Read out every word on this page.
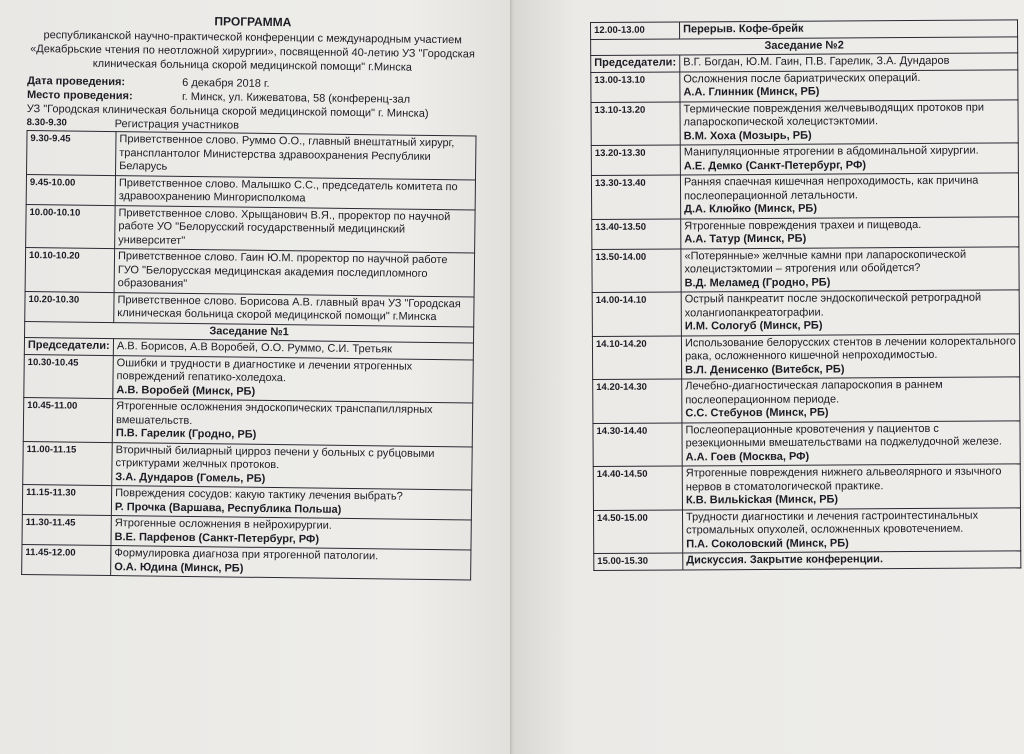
ПРОГРАММА
республиканской научно-практической конференции с международным участием «Декабрьские чтения по неотложной хирургии», посвященной 40-летию УЗ "Городская клиническая больница скорой медицинской помощи" г.Минска
Дата проведения:	6 декабря 2018 г.
Место проведения:	г. Минск, ул. Кижеватова, 58 (конференц-зал
УЗ "Городская клиническая больница скорой медицинской помощи" г. Минска)
8.30-9.30	Регистрация участников
9.30-9.45	Приветственное слово. Руммо О.О., главный внештатный хирург, трансплантолог Министерства здравоохранения Республики Беларусь
9.45-10.00	Приветственное слово. Малышко С.С., председатель комитета по здравоохранению Мингорисполкома
10.00-10.10	Приветственное слово. Хрыщанович В.Я., проректор по научной работе УО "Белорусский государственный медицинский университет"
10.10-10.20	Приветственное слово. Гаин Ю.М. проректор по научной работе ГУО "Белорусская медицинская академия последипломного образования"
10.20-10.30	Приветственное слово. Борисова А.В. главный врач УЗ "Городская клиническая больница скорой медицинской помощи" г.Минска
Заседание №1	
Председатели:	А.В. Борисов, А.В Воробей, О.О. Руммо, С.И. Третьяк
10.30-10.45	Ошибки и трудности в диагностике и лечении ятрогенных повреждений гепатико-холедоха.
А.В. Воробей (Минск, РБ)

10.45-11.00	Ятрогенные осложнения эндоскопических транспапиллярных вмешательств.
П.В. Гарелик (Гродно, РБ)

11.00-11.15	Вторичный билиарный цирроз печени у больных с рубцовыми стриктурами желчных протоков.
З.А. Дундаров (Гомель, РБ)

11.15-11.30	Повреждения сосудов: какую тактику лечения выбрать?
Р. Прочка (Варшава, Республика Польша)

11.30-11.45	Ятрогенные осложнения в нейрохирургии.
В.Е. Парфенов (Санкт-Петербург, РФ)

11.45-12.00	Формулировка диагноза при ятрогенной патологии.
О.А. Юдина (Минск, РБ)
12.00-13.00	Перерыв. Кофе-брейк
Заседание №2	
Председатели:	В.Г. Богдан, Ю.М. Гаин, П.В. Гарелик, З.А. Дундаров
13.00-13.10	Осложнения после бариатрических операций.
А.А. Глинник (Минск, РБ)

13.10-13.20	Термические повреждения желчевыводящих протоков при лапароскопической холецистэктомии.
В.М. Хоха (Мозырь, РБ)

13.20-13.30	Манипуляционные ятрогении в абдоминальной хирургии.
А.Е. Демко (Санкт-Петербург, РФ)

13.30-13.40	Ранняя спаечная кишечная непроходимость, как причина послеоперационной летальности.
Д.А. Клюйко (Минск, РБ)

13.40-13.50	Ятрогенные повреждения трахеи и пищевода.
А.А. Татур (Минск, РБ)

13.50-14.00	«Потерянные» желчные камни при лапароскопической холецистэктомии – ятрогения или обойдется?
В.Д. Меламед (Гродно, РБ)

14.00-14.10	Острый панкреатит после эндоскопической ретроградной холангиопанкреатографии.
И.М. Сологуб (Минск, РБ)

14.10-14.20	Использование белорусских стентов в лечении колоректального рака, осложненного кишечной непроходимостью.
В.Л. Денисенко (Витебск, РБ)

14.20-14.30	Лечебно-диагностическая лапароскопия в раннем послеоперационном периоде.
С.С. Стебунов (Минск, РБ)

14.30-14.40	Послеоперационные кровотечения у пациентов с резекционными вмешательствами на поджелудочной железе.
А.А. Гоев (Москва, РФ)

14.40-14.50	Ятрогенные повреждения нижнего альвеолярного и язычного нервов в стоматологической практике.
К.В. Вильkickая (Минск, РБ)

14.50-15.00	Трудности диагностики и лечения гастроинтестинальных стромальных опухолей, осложненных кровотечением.
П.А. Соколовский (Минск, РБ)

15.00-15.30	Дискуссия. Закрытие конференции.
